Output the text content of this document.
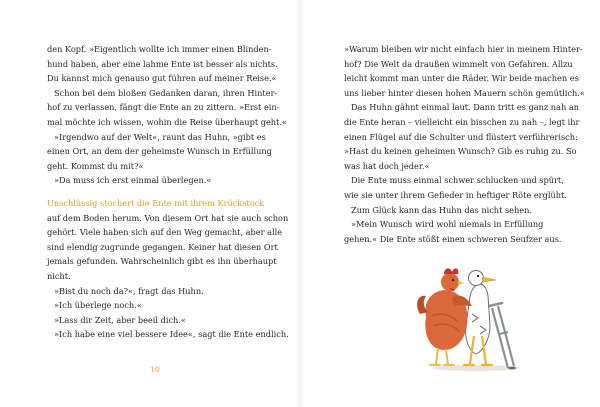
den Kopf. »Eigentlich wollte ich immer einen Blinden-
hund haben, aber eine lahme Ente ist besser als nichts.
Du kannst mich genauso gut führen auf meiner Reise.«
Schon bei dem bloßen Gedanken daran, ihren Hinter-
hof zu verlassen, fängt die Ente an zu zittern. »Erst ein-
mal möchte ich wissen, wohin die Reise überhaupt geht.«
»Irgendwo auf der Welt«, raunt das Huhn, »gibt es
einen Ort, an dem der geheimste Wunsch in Erfüllung
geht. Kommst du mit?«
»Da muss ich erst einmal überlegen.«
Unschlüssig stochert die Ente mit ihrem Krückstock
auf dem Boden herum. Von diesem Ort hat sie auch schon
gehört. Viele haben sich auf den Weg gemacht, aber alle
sind elendig zugrunde gegangen. Keiner hat diesen Ort
jemals gefunden. Wahrscheinlich gibt es ihn überhaupt
nicht.
»Bist du noch da?«, fragt das Huhn.
»Ich überlege noch.«
»Lass dir Zeit, aber beeil dich.«
»Ich habe eine viel bessere Idee«, sagt die Ente endlich.
10
»Warum bleiben wir nicht einfach hier in meinem Hinter-
hof? Die Welt da draußen wimmelt von Gefahren. Allzu
leicht kommt man unter die Räder. Wir beide machen es
uns lieber hinter diesen hohen Mauern schön gemütlich.«
Das Huhn gähnt einmal laut. Dann tritt es ganz nah an
die Ente heran – vielleicht ein bisschen zu nah –, legt ihr
einen Flügel auf die Schulter und flüstert verführerisch:
»Hast du keinen geheimen Wunsch? Gib es ruhig zu. So
was hat doch jeder.«
Die Ente muss einmal schwer schlucken und spürt,
wie sie unter ihrem Gefieder in heftiger Röte erglüht.
Zum Glück kann das Huhn das nicht sehen.
»Mein Wunsch wird wohl niemals in Erfüllung
gehen.« Die Ente stößt einen schweren Seufzer aus.
